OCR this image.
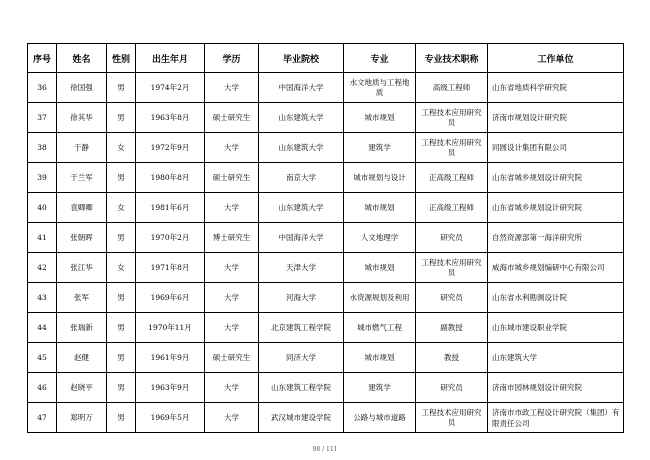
序号	姓名	性别	出生年月	学历	毕业院校	专业	专业技术职称	工作单位
36	徐国强	男	1974年2月	大学	中国海洋大学	水文地质与工程地质	高级工程师	山东省地质科学研究院
37	徐其华	男	1963年8月	硕士研究生	山东建筑大学	城市规划	工程技术应用研究员	济南市规划设计研究院
38	于静	女	1972年9月	大学	山东建筑大学	建筑学	工程技术应用研究员	同圆设计集团有限公司
39	于兰军	男	1980年8月	硕士研究生	南京大学	城市规划与设计	正高级工程师	山东省城乡规划设计研究院
40	袁卿卿	女	1981年6月	大学	山东建筑大学	城市规划	正高级工程师	山东省城乡规划设计研究院
41	张朝晖	男	1970年2月	博士研究生	中国海洋大学	人文地理学	研究员	自然资源部第一海洋研究所
42	张江华	女	1971年8月	大学	天津大学	城市规划	工程技术应用研究员	威海市城乡规划编研中心有限公司
43	张军	男	1969年6月	大学	河海大学	水资源规划及利用	研究员	山东省水利勘测设计院
44	张瑞新	男	1970年11月	大学	北京建筑工程学院	城市燃气工程	副教授	山东城市建设职业学院
45	赵健	男	1961年9月	硕士研究生	同济大学	城市规划	教授	山东建筑大学
46	赵晓平	男	1963年9月	大学	山东建筑工程学院	建筑学	研究员	济南市园林规划设计研究院
47	郑明万	男	1969年5月	大学	武汉城市建设学院	公路与城市道路	工程技术应用研究员	济南市市政工程设计研究院（集团）有限责任公司
98 / 111
